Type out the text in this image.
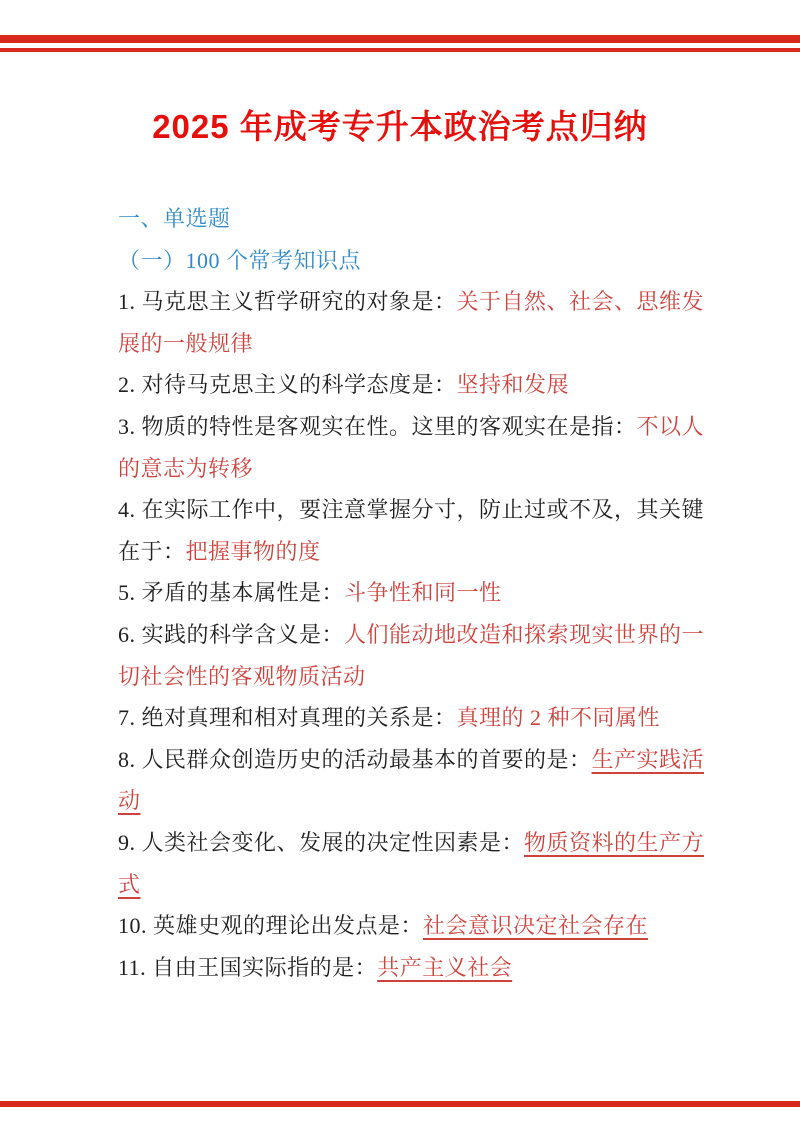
2025 年成考专升本政治考点归纳
一、单选题
（一）100 个常考知识点
1. 马克思主义哲学研究的对象是：关于自然、社会、思维发
展的一般规律
2. 对待马克思主义的科学态度是：坚持和发展
3. 物质的特性是客观实在性。这里的客观实在是指：不以人
的意志为转移
4. 在实际工作中，要注意掌握分寸，防止过或不及，其关键
在于：把握事物的度
5. 矛盾的基本属性是：斗争性和同一性
6. 实践的科学含义是：人们能动地改造和探索现实世界的一
切社会性的客观物质活动
7. 绝对真理和相对真理的关系是：真理的 2 种不同属性
8. 人民群众创造历史的活动最基本的首要的是：生产实践活
动
9. 人类社会变化、发展的决定性因素是：物质资料的生产方
式
10. 英雄史观的理论出发点是：社会意识决定社会存在
11. 自由王国实际指的是：共产主义社会
